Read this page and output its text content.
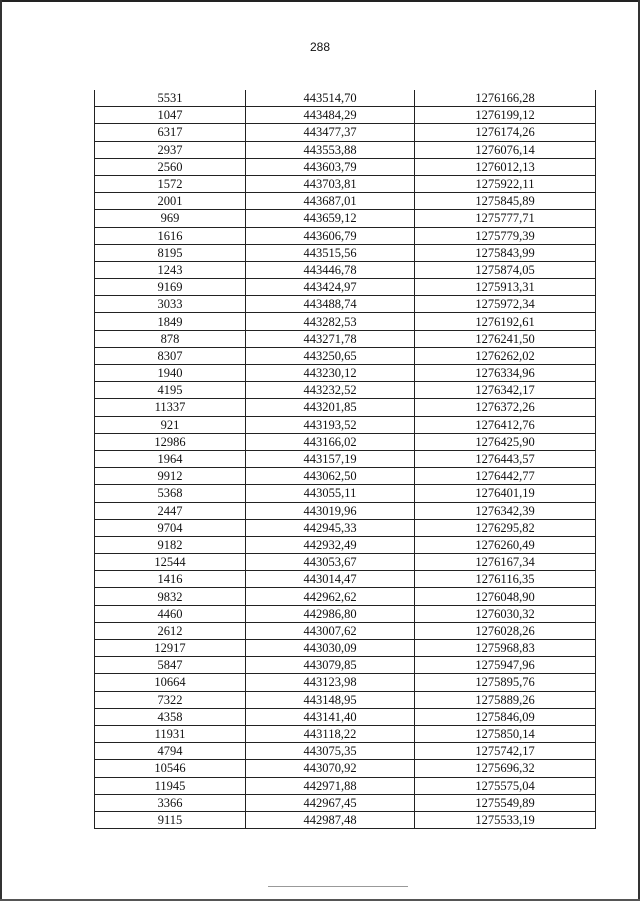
288
5531	443514,70	1276166,28
1047	443484,29	1276199,12
6317	443477,37	1276174,26
2937	443553,88	1276076,14
2560	443603,79	1276012,13
1572	443703,81	1275922,11
2001	443687,01	1275845,89
969	443659,12	1275777,71
1616	443606,79	1275779,39
8195	443515,56	1275843,99
1243	443446,78	1275874,05
9169	443424,97	1275913,31
3033	443488,74	1275972,34
1849	443282,53	1276192,61
878	443271,78	1276241,50
8307	443250,65	1276262,02
1940	443230,12	1276334,96
4195	443232,52	1276342,17
11337	443201,85	1276372,26
921	443193,52	1276412,76
12986	443166,02	1276425,90
1964	443157,19	1276443,57
9912	443062,50	1276442,77
5368	443055,11	1276401,19
2447	443019,96	1276342,39
9704	442945,33	1276295,82
9182	442932,49	1276260,49
12544	443053,67	1276167,34
1416	443014,47	1276116,35
9832	442962,62	1276048,90
4460	442986,80	1276030,32
2612	443007,62	1276028,26
12917	443030,09	1275968,83
5847	443079,85	1275947,96
10664	443123,98	1275895,76
7322	443148,95	1275889,26
4358	443141,40	1275846,09
11931	443118,22	1275850,14
4794	443075,35	1275742,17
10546	443070,92	1275696,32
11945	442971,88	1275575,04
3366	442967,45	1275549,89
9115	442987,48	1275533,19
